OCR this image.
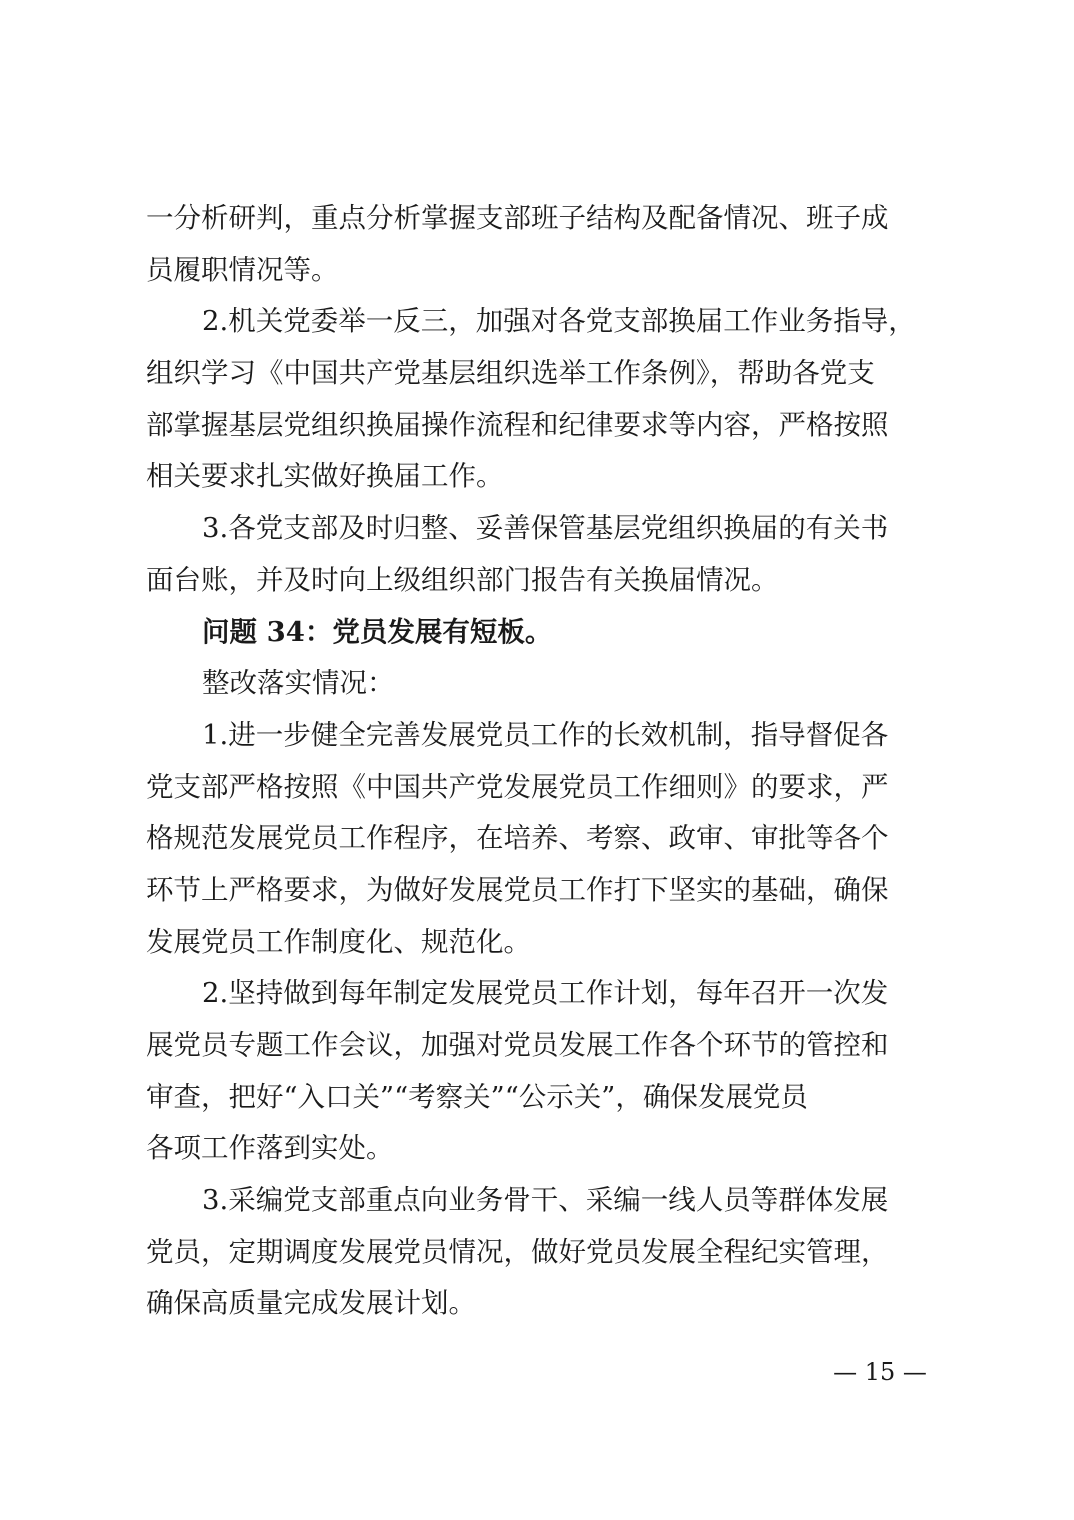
一分析研判，重点分析掌握支部班子结构及配备情况、班子成
员履职情况等。
2.机关党委举一反三，加强对各党支部换届工作业务指导，
组织学习《中国共产党基层组织选举工作条例》，帮助各党支
部掌握基层党组织换届操作流程和纪律要求等内容，严格按照
相关要求扎实做好换届工作。
3.各党支部及时归整、妥善保管基层党组织换届的有关书
面台账，并及时向上级组织部门报告有关换届情况。
问题 34：党员发展有短板。
整改落实情况：
1.进一步健全完善发展党员工作的长效机制，指导督促各
党支部严格按照《中国共产党发展党员工作细则》的要求，严
格规范发展党员工作程序，在培养、考察、政审、审批等各个
环节上严格要求，为做好发展党员工作打下坚实的基础，确保
发展党员工作制度化、规范化。
2.坚持做到每年制定发展党员工作计划，每年召开一次发
展党员专题工作会议，加强对党员发展工作各个环节的管控和
审查，把好“入口关”“考察关”“公示关”，确保发展党员
各项工作落到实处。
3.采编党支部重点向业务骨干、采编一线人员等群体发展
党员，定期调度发展党员情况，做好党员发展全程纪实管理，
确保高质量完成发展计划。
— 15 —
